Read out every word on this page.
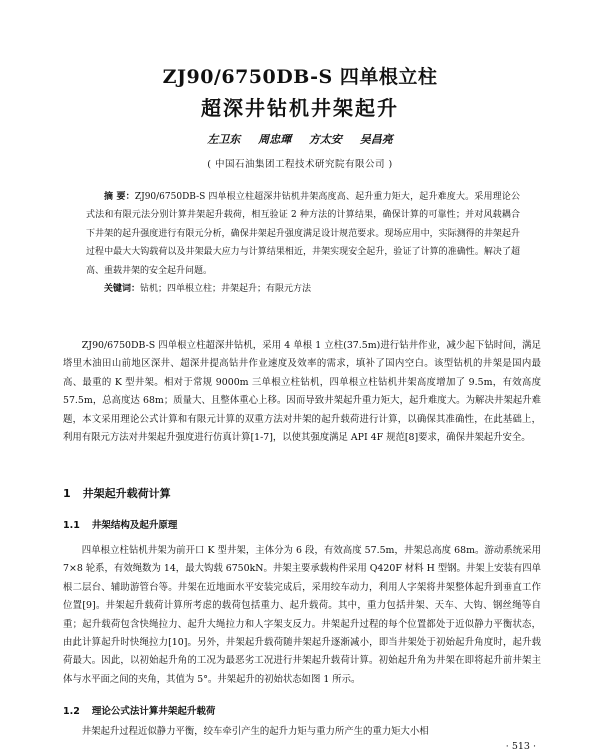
ZJ90/6750DB-S 四单根立柱
超深井钻机井架起升
左卫东 周忠琿 方太安 吴昌亮
( 中国石油集团工程技术研究院有限公司 )
摘 要：ZJ90/6750DB-S 四单根立柱超深井钻机井架高度高、起升重力矩大，起升难度大。采用理论公式法和有限元法分别计算井架起升载荷，相互验证 2 种方法的计算结果，确保计算的可靠性；并对风载耦合下井架的起升强度进行有限元分析，确保井架起升强度满足设计规范要求。现场应用中，实际测得的井架起升过程中最大大钩载荷以及井架最大应力与计算结果相近，井架实现安全起升，验证了计算的准确性。解决了超高、重载井架的安全起升问题。
关键词：钻机；四单根立柱；井架起升；有限元方法
ZJ90/6750DB-S 四单根立柱超深井钻机，采用 4 单根 1 立柱(37.5m)进行钻井作业，减少起下钻时间，满足塔里木油田山前地区深井、超深井提高钻井作业速度及效率的需求，填补了国内空白。该型钻机的井架是国内最高、最重的 K 型井架。相对于常规 9000m 三单根立柱钻机，四单根立柱钻机井架高度增加了 9.5m，有效高度 57.5m，总高度达 68m；质量大、且整体重心上移。因而导致井架起升重力矩大，起升难度大。为解决井架起升难题，本文采用理论公式计算和有限元计算的双重方法对井架的起升载荷进行计算，以确保其准确性，在此基础上，利用有限元方法对井架起升强度进行仿真计算[1-7]，以使其强度满足 API 4F 规范[8]要求，确保井架起升安全。
1 井架起升载荷计算
1.1 井架结构及起升原理
四单根立柱钻机井架为前开口 K 型井架，主体分为 6 段，有效高度 57.5m，井架总高度 68m。游动系统采用 7×8 轮系，有效绳数为 14，最大钩载 6750kN。井架主要承载构件采用 Q420F 材料 H 型钢。井架上安装有四单根二层台、辅助游管台等。井架在近地面水平安装完成后，采用绞车动力，利用人字架将井架整体起升到垂直工作位置[9]。井架起升载荷计算所考虑的载荷包括重力、起升载荷。其中，重力包括井架、天车、大钩、钢丝绳等自重；起升载荷包含快绳拉力、起升大绳拉力和人字架支反力。井架起升过程的每个位置都处于近似静力平衡状态，由此计算起升时快绳拉力[10]。另外，井架起升载荷随井架起升逐渐减小，即当井架处于初始起升角度时，起升载荷最大。因此，以初始起升角的工况为最恶劣工况进行井架起升载荷计算。初始起升角为井架在即将起升前井架主体与水平面之间的夹角，其值为 5°。井架起升的初始状态如图 1 所示。
1.2 理论公式法计算井架起升载荷
井架起升过程近似静力平衡，绞车牵引产生的起升力矩与重力所产生的重力矩大小相
· 513 ·
